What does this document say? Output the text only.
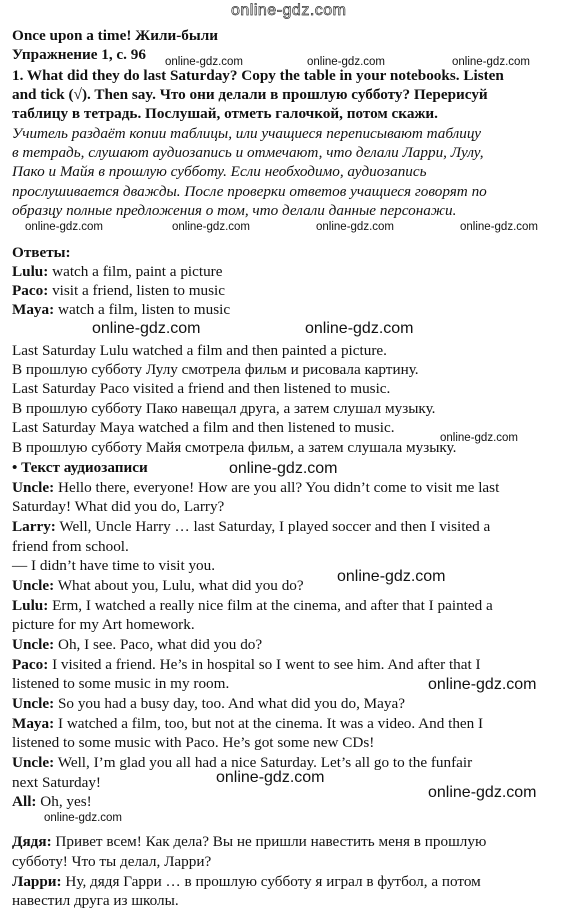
online-gdz.com
online-gdz.com	online-gdz.com	online-gdz.com
online-gdz.com	online-gdz.com	online-gdz.com	online-gdz.com
online-gdz.com	online-gdz.com
online-gdz.com
online-gdz.com
online-gdz.com
online-gdz.com
online-gdz.com
online-gdz.com
online-gdz.com
Once upon a time! Жили-были
Упражнение 1, с. 96
1. What did they do last Saturday? Copy the table in your notebooks. Listen
and tick (√). Then say. Что они делали в прошлую субботу? Перерисуй
таблицу в тетрадь. Послушай, отметь галочкой, потом скажи.
Учитель раздаёт копии таблицы, или учащиеся переписывают таблицу
в тетрадь, слушают аудиозапись и отмечают, что делали Ларри, Лулу,
Пако и Майя в прошлую субботу. Если необходимо, аудиозапись
прослушивается дважды. После проверки ответов учащиеся говорят по
образцу полные предложения о том, что делали данные персонажи.
Ответы:
Lulu: watch a film, paint a picture
Paco: visit a friend, listen to music
Maya: watch a film, listen to music
Last Saturday Lulu watched a film and then painted a picture.
В прошлую субботу Лулу смотрела фильм и рисовала картину.
Last Saturday Paco visited a friend and then listened to music.
В прошлую субботу Пако навещал друга, а затем слушал музыку.
Last Saturday Maya watched a film and then listened to music.
В прошлую субботу Майя смотрела фильм, а затем слушала музыку.
• Текст аудиозаписи
Uncle: Hello there, everyone! How are you all? You didn’t come to visit me last
Saturday! What did you do, Larry?
Larry: Well, Uncle Harry … last Saturday, I played soccer and then I visited a
friend from school.
— I didn’t have time to visit you.
Uncle: What about you, Lulu, what did you do?
Lulu: Erm, I watched a really nice film at the cinema, and after that I painted a
picture for my Art homework.
Uncle: Oh, I see. Paco, what did you do?
Paco: I visited a friend. He’s in hospital so I went to see him. And after that I
listened to some music in my room.
Uncle: So you had a busy day, too. And what did you do, Maya?
Maya: I watched a film, too, but not at the cinema. It was a video. And then I
listened to some music with Paco. He’s got some new CDs!
Uncle: Well, I’m glad you all had a nice Saturday. Let’s all go to the funfair
next Saturday!
All: Oh, yes!
Дядя: Привет всем! Как дела? Вы не пришли навестить меня в прошлую
субботу! Что ты делал, Ларри?
Ларри: Ну, дядя Гарри … в прошлую субботу я играл в футбол, а потом
навестил друга из школы.
